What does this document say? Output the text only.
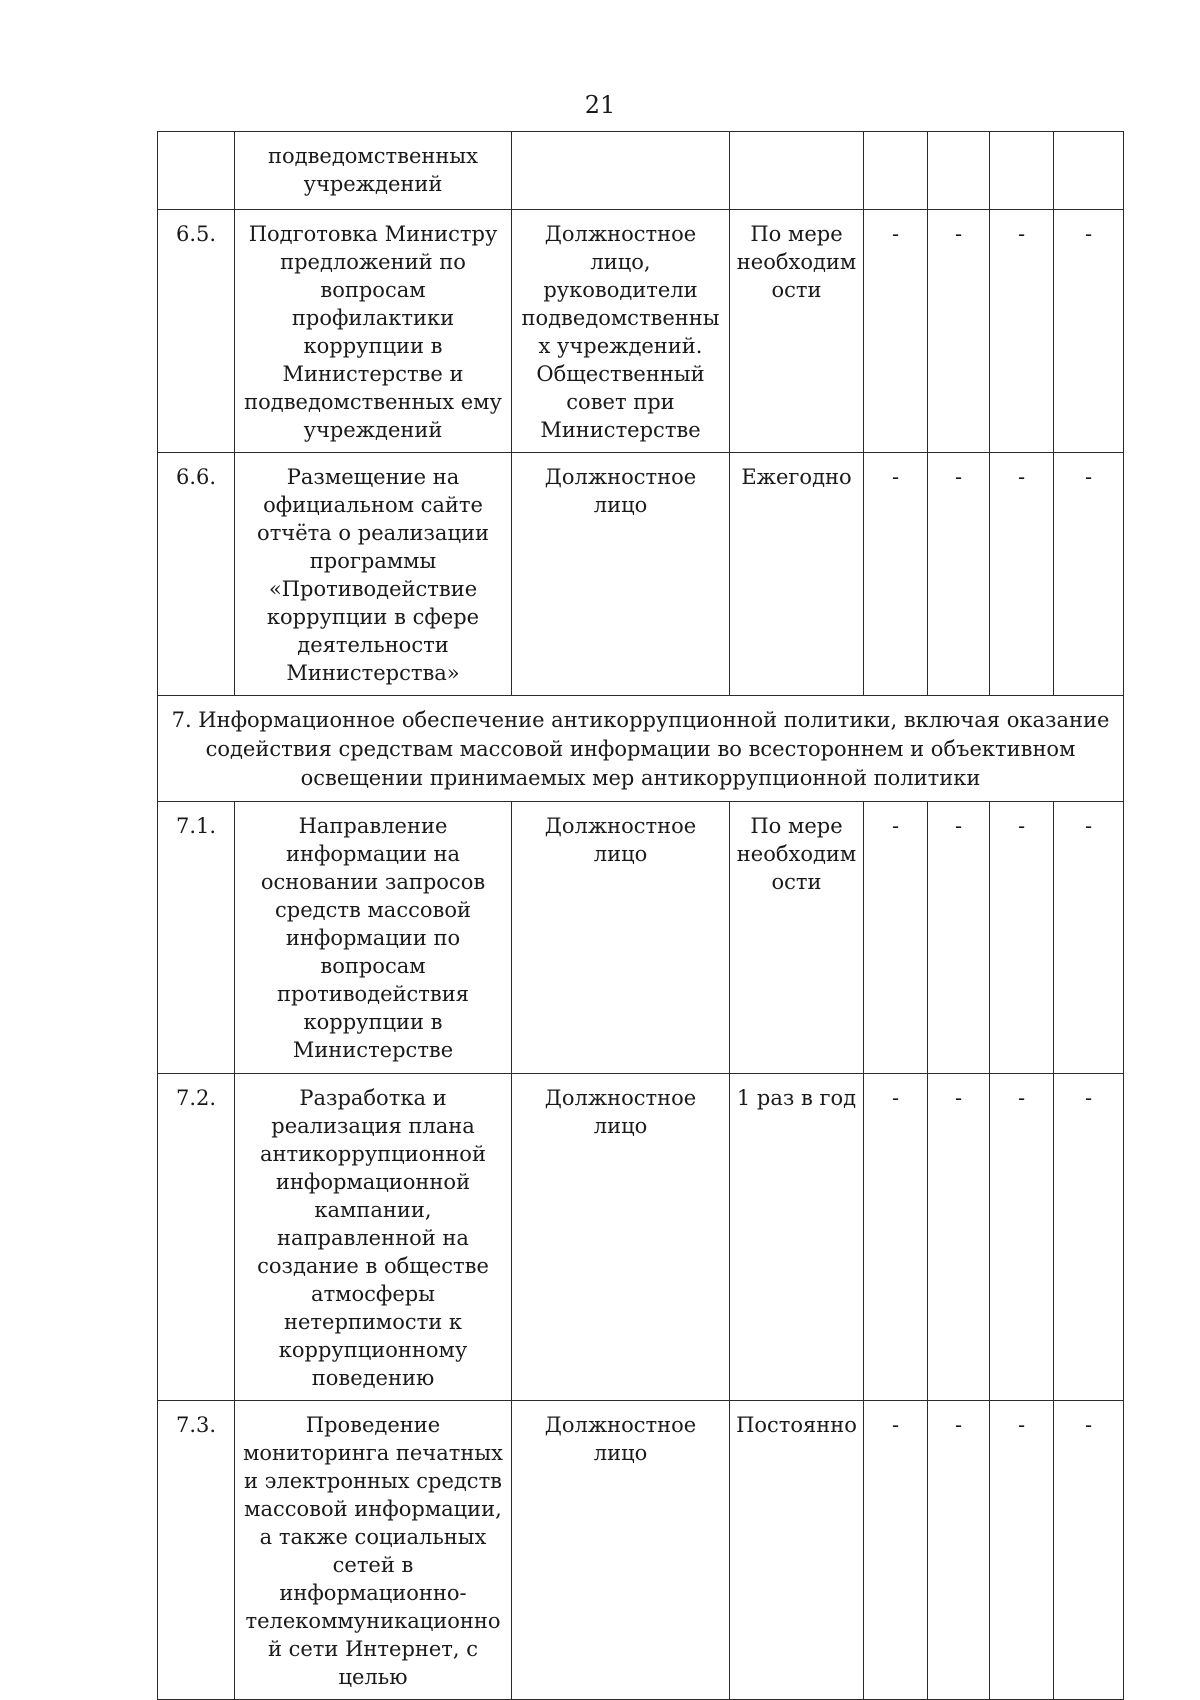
21
	подведомственных учреждений						
6.5.	Подготовка Министру предложений по вопросам профилактики коррупции в Министерстве и подведомственных ему учреждений	Должностное лицо, руководители подведомственных учреждений. Общественный совет при Министерстве	По мере необходим ости	-	-	-	-
6.6.	Размещение на официальном сайте отчёта о реализации программы «Противодействие коррупции в сфере деятельности Министерства»	Должностное лицо	Ежегодно	-	-	-	-
7. Информационное обеспечение антикоррупционной политики, включая оказание содействия средствам массовой информации во всестороннем и объективном освещении принимаемых мер антикоррупционной политики							
7.1.	Направление информации на основании запросов средств массовой информации по вопросам противодействия коррупции в Министерстве	Должностное лицо	По мере необходим ости	-	-	-	-
7.2.	Разработка и реализация плана антикоррупционной информационной кампании, направленной на создание в обществе атмосферы нетерпимости к коррупционному поведению	Должностное лицо	1 раз в год	-	-	-	-
7.3.	Проведение мониторинга печатных и электронных средств массовой информации, а также социальных сетей в информационно-телекоммуникационной сети Интернет, с целью	Должностное лицо	Постоянно	-	-	-	-
